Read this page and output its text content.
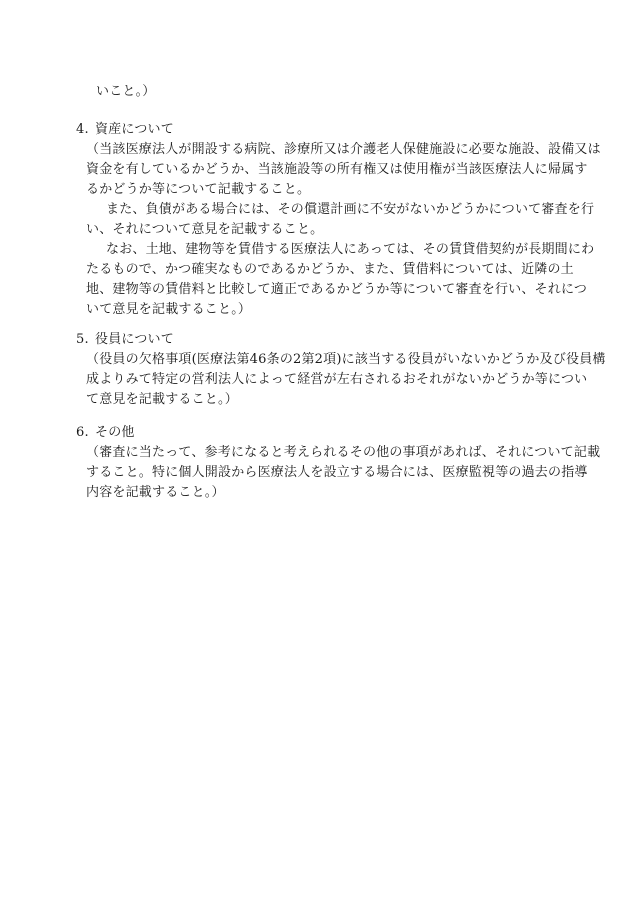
いこと。）
4. 資産について
（当該医療法人が開設する病院、診療所又は介護老人保健施設に必要な施設、設備又は
資金を有しているかどうか、当該施設等の所有権又は使用権が当該医療法人に帰属す
るかどうか等について記載すること。
また、負債がある場合には、その償還計画に不安がないかどうかについて審査を行
い、それについて意見を記載すること。
なお、土地、建物等を賃借する医療法人にあっては、その賃貸借契約が長期間にわ
たるもので、かつ確実なものであるかどうか、また、賃借料については、近隣の土
地、建物等の賃借料と比較して適正であるかどうか等について審査を行い、それにつ
いて意見を記載すること。）
5. 役員について
（役員の欠格事項(医療法第46条の2第2項)に該当する役員がいないかどうか及び役員構
成よりみて特定の営利法人によって経営が左右されるおそれがないかどうか等につい
て意見を記載すること。）
6. その他
（審査に当たって、参考になると考えられるその他の事項があれば、それについて記載
すること。特に個人開設から医療法人を設立する場合には、医療監視等の過去の指導
内容を記載すること。）
